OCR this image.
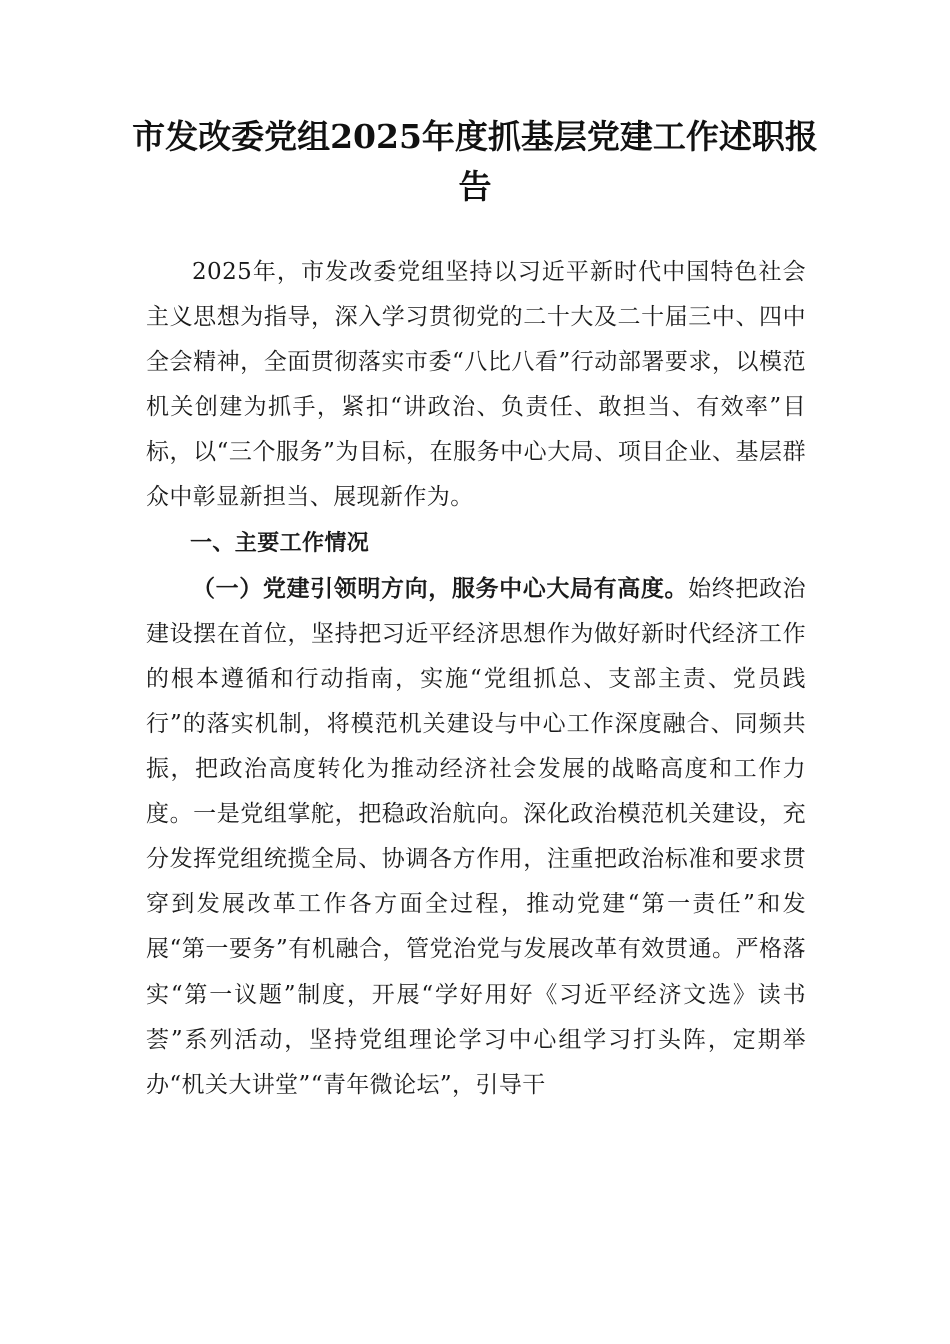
市发改委党组2025年度抓基层党建工作述职报告

2025年，市发改委党组坚持以习近平新时代中国特色社会主义思想为指导，深入学习贯彻党的二十大及二十届三中、四中全会精神，全面贯彻落实市委“八比八看”行动部署要求，以模范机关创建为抓手，紧扣“讲政治、负责任、敢担当、有效率”目标，以“三个服务”为目标，在服务中心大局、项目企业、基层群众中彰显新担当、展现新作为。

一、主要工作情况

（一）党建引领明方向，服务中心大局有高度。始终把政治建设摆在首位，坚持把习近平经济思想作为做好新时代经济工作的根本遵循和行动指南，实施“党组抓总、支部主责、党员践行”的落实机制，将模范机关建设与中心工作深度融合、同频共振，把政治高度转化为推动经济社会发展的战略高度和工作力度。一是党组掌舵，把稳政治航向。深化政治模范机关建设，充分发挥党组统揽全局、协调各方作用，注重把政治标准和要求贯穿到发展改革工作各方面全过程，推动党建“第一责任”和发展“第一要务”有机融合，管党治党与发展改革有效贯通。严格落实“第一议题”制度，开展“学好用好《习近平经济文选》读书荟”系列活动，坚持党组理论学习中心组学习打头阵，定期举办“机关大讲堂”“青年微论坛”，引导干
